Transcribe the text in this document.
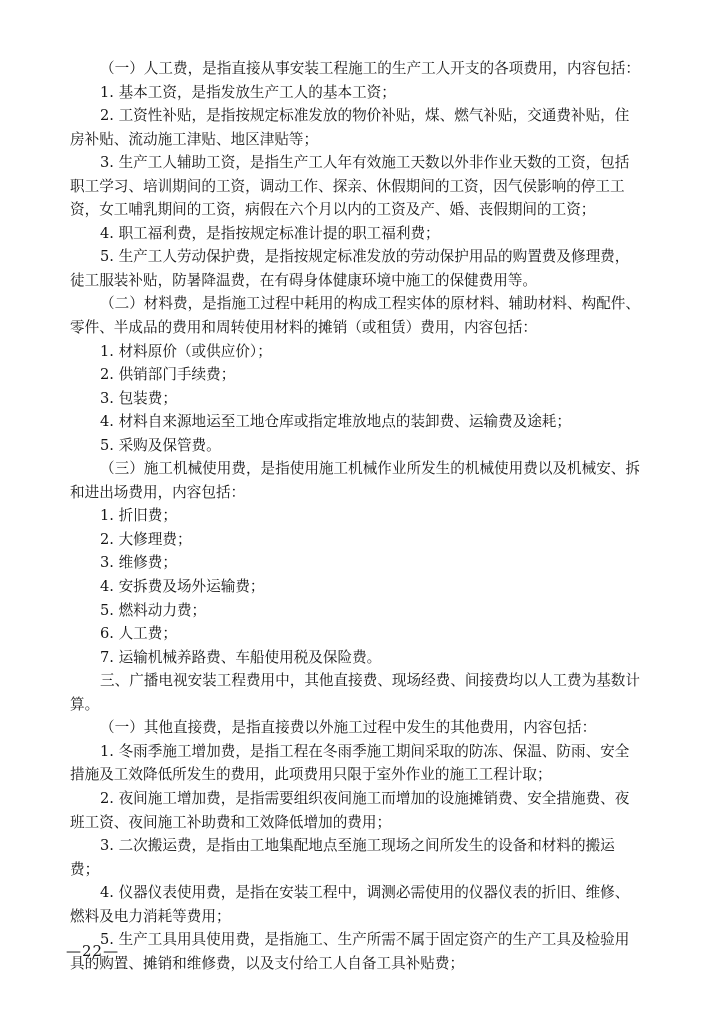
（一）人工费，是指直接从事安装工程施工的生产工人开支的各项费用，内容包括：
1. 基本工资，是指发放生产工人的基本工资；
2. 工资性补贴，是指按规定标准发放的物价补贴，煤、燃气补贴，交通费补贴，住
房补贴、流动施工津贴、地区津贴等；
3. 生产工人辅助工资，是指生产工人年有效施工天数以外非作业天数的工资，包括
职工学习、培训期间的工资，调动工作、探亲、休假期间的工资，因气侯影响的停工工
资，女工哺乳期间的工资，病假在六个月以内的工资及产、婚、丧假期间的工资；
4. 职工福利费，是指按规定标准计提的职工福利费；
5. 生产工人劳动保护费，是指按规定标准发放的劳动保护用品的购置费及修理费，
徒工服装补贴，防暑降温费，在有碍身体健康环境中施工的保健费用等。
（二）材料费，是指施工过程中耗用的构成工程实体的原材料、辅助材料、构配件、
零件、半成品的费用和周转使用材料的摊销（或租赁）费用，内容包括：
1. 材料原价（或供应价）；
2. 供销部门手续费；
3. 包装费；
4. 材料自来源地运至工地仓库或指定堆放地点的装卸费、运输费及途耗；
5. 采购及保管费。
（三）施工机械使用费，是指使用施工机械作业所发生的机械使用费以及机械安、拆
和进出场费用，内容包括：
1. 折旧费；
2. 大修理费；
3. 维修费；
4. 安拆费及场外运输费；
5. 燃料动力费；
6. 人工费；
7. 运输机械养路费、车船使用税及保险费。
三、广播电视安装工程费用中，其他直接费、现场经费、间接费均以人工费为基数计
算。
（一）其他直接费，是指直接费以外施工过程中发生的其他费用，内容包括：
1. 冬雨季施工增加费，是指工程在冬雨季施工期间采取的防冻、保温、防雨、安全
措施及工效降低所发生的费用，此项费用只限于室外作业的施工工程计取；
2. 夜间施工增加费，是指需要组织夜间施工而增加的设施摊销费、安全措施费、夜
班工资、夜间施工补助费和工效降低增加的费用；
3. 二次搬运费，是指由工地集配地点至施工现场之间所发生的设备和材料的搬运
费；
4. 仪器仪表使用费，是指在安装工程中，调测必需使用的仪器仪表的折旧、维修、
燃料及电力消耗等费用；
5. 生产工具用具使用费，是指施工、生产所需不属于固定资产的生产工具及检验用
具的购置、摊销和维修费，以及支付给工人自备工具补贴费；
—22—
